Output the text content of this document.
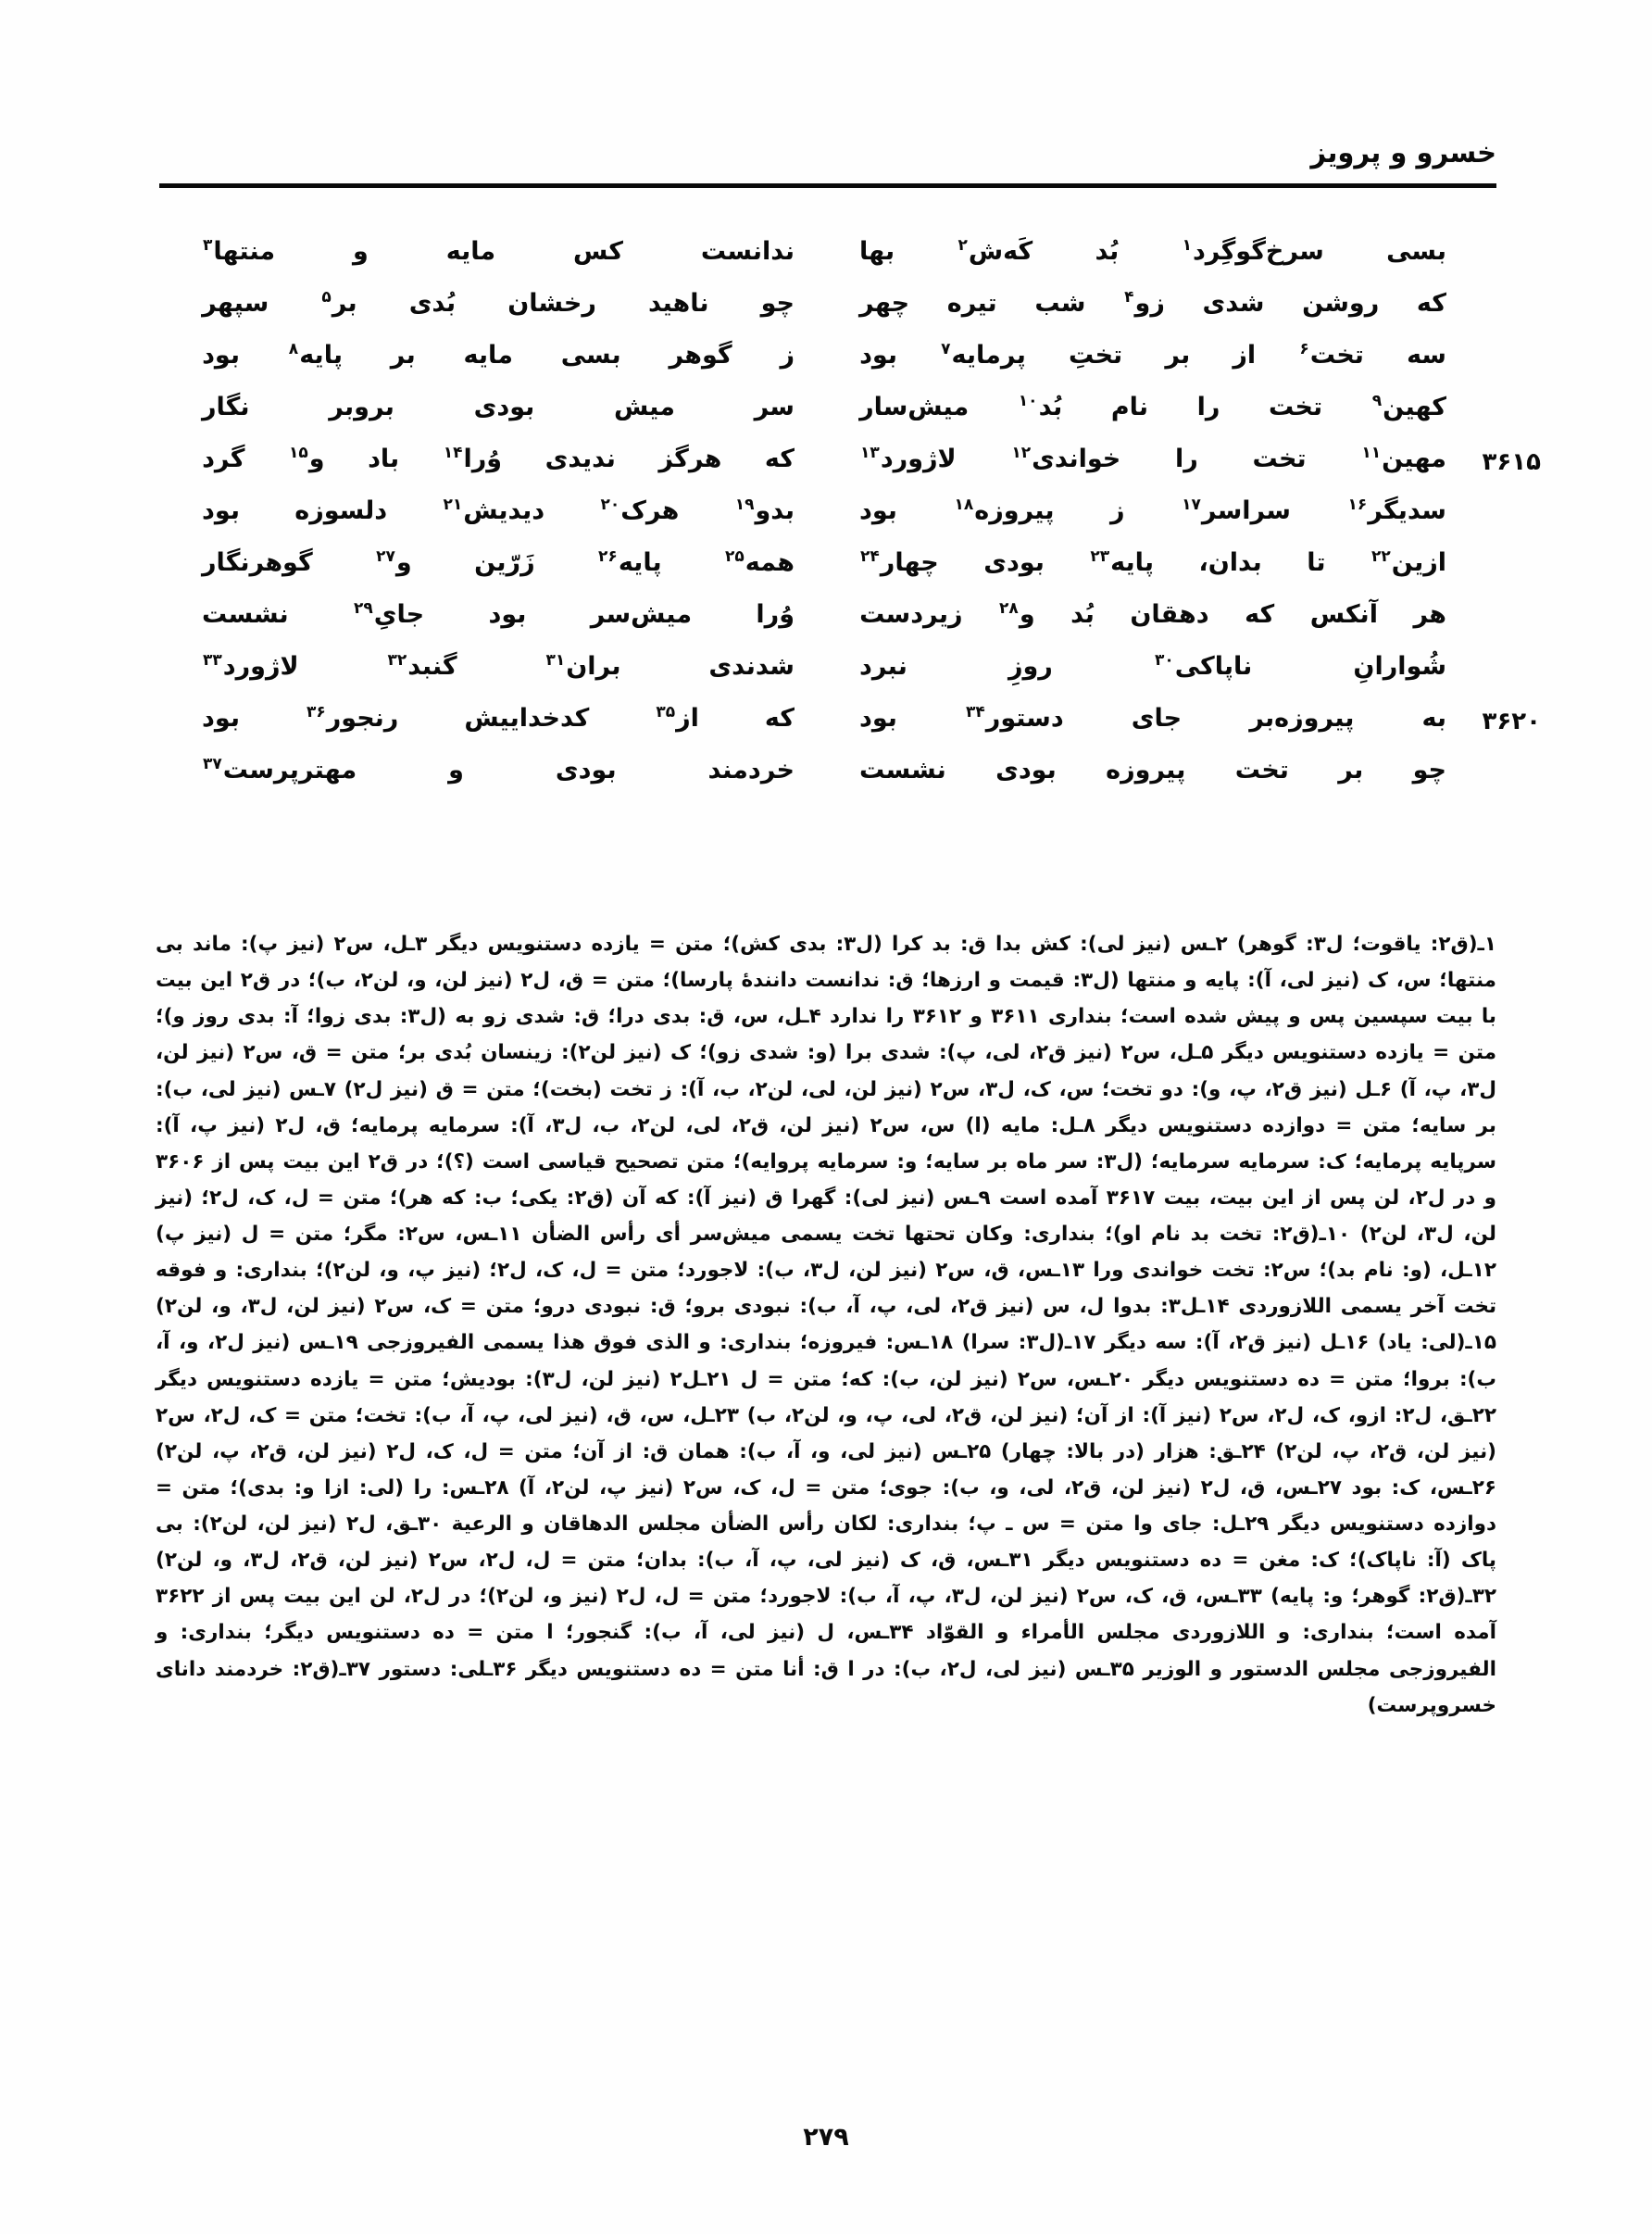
خسرو و پرویز
بسی
سرخ‌گوگِرد$^۱$
بُد
کَه‌ش$^۲$
بها
ندانست
کس
مایه
و
منتها$^۳$
که
روشن
شدی
زو$^۴$
شب
تیره
چهر
چو
ناهید
رخشان
بُدی
بر$^۵$
سپهر
سه
تخت$^۶$
از
بر
تختِ
پرمایه$^۷$
بود
ز
گوهر
بسی
مایه
بر
پایه$^۸$
بود
کهین$^۹$
تخت
را
نام
بُد$^{۱۰}$
میش‌سار
سر
میش
بودی
بروبر
نگار
۳۶۱۵
مهین$^{۱۱}$
تخت
را
خواندی$^{۱۲}$
لاژورد$^{۱۳}$
که
هرگز
ندیدی
وُرا$^{۱۴}$
باد
و$^{۱۵}$
گرد
سدیگر$^{۱۶}$
سراسر$^{۱۷}$
ز
پیروزه$^{۱۸}$
بود
بدو$^{۱۹}$
هرک$^{۲۰}$
دیدیش$^{۲۱}$
دلسوزه
بود
ازین$^{۲۲}$
تا
بدان،
پایه$^{۲۳}$
بودی
چهار$^{۲۴}$
همه$^{۲۵}$
پایه$^{۲۶}$
زَرّین
و$^{۲۷}$
گوهرنگار
هر
آنکس
که
دهقان
بُد
و$^{۲۸}$
زیردست
وُرا
میش‌سر
بود
جایِ$^{۲۹}$
نشست
شُوارانِ
ناپاکی$^{۳۰}$
روزِ
نبرد
شدندی
بران$^{۳۱}$
گنبد$^{۳۲}$
لاژورد$^{۳۳}$
۳۶۲۰
به
پیروزه‌بر
جای
دستور$^{۳۴}$
بود
که
از$^{۳۵}$
کدخداییش
رنجور$^{۳۶}$
بود
چو
بر
تخت
پیروزه
بودی
نشست
خردمند
بودی
و
مهترپرست$^{۳۷}$
۱ـ(ق۲: یاقوت؛ ل۳: گوهر) ۲ـس (نیز لی): کش بدا ق: بد کرا (ل۳: بدی کش)؛ متن = یازده دستنویس دیگر ۳ـل، س۲ (نیز پ): ماند بی منتها؛ س، ک (نیز لی، آ): پایه و منتها (ل۳: قیمت و ارزها؛ ق: ندانست دانندهٔ پارسا)؛ متن = ق، ل۲ (نیز لن، و، لن۲، ب)؛ در ق۲ این بیت با بیت سپسین پس و پیش شده است؛ بنداری ۳۶۱۱ و ۳۶۱۲ را ندارد ۴ـل، س، ق: بدی درا؛ ق: شدی زو به (ل۳: بدی زوا؛ آ: بدی روز و)؛ متن = یازده دستنویس دیگر ۵ـل، س۲ (نیز ق۲، لی، پ): شدی برا (و: شدی زو)؛ ک (نیز لن۲): زینسان بُدی بر؛ متن = ق، س۲ (نیز لن، ل۳، پ، آ) ۶ـل (نیز ق۲، پ، و): دو تخت؛ س، ک، ل۳، س۲ (نیز لن، لی، لن۲، ب، آ): ز تخت (بخت)؛ متن = ق (نیز ل۲) ۷ـس (نیز لی، ب): بر سایه؛ متن = دوازده دستنویس دیگر ۸ـل: مایه (ا) س، س۲ (نیز لن، ق۲، لی، لن۲، ب، ل۳، آ): سرمایه پرمایه؛ ق، ل۲ (نیز پ، آ): سرپایه پرمایه؛ ک: سرمایه سرمایه؛ (ل۳: سر ماه بر سایه؛ و: سرمایه پروایه)؛ متن تصحیح قیاسی است (؟)؛ در ق۲ این بیت پس از ۳۶۰۶ و در ل۲، لن پس از این بیت، بیت ۳۶۱۷ آمده است ۹ـس (نیز لی): گهرا ق (نیز آ): که آن (ق۲: یکی؛ ب: که هر)؛ متن = ل، ک، ل۲؛ (نیز لن، ل۳، لن۲) ۱۰ـ(ق۲: تخت بد نام او)؛ بنداری: وکان تحتها تخت یسمی میش‌سر أی رأس الضأن ۱۱ـس، س۲: مگر؛ متن = ل (نیز پ) ۱۲ـل، (و: نام بد)؛ س۲: تخت خواندی ورا ۱۳ـس، ق، س۲ (نیز لن، ل۳، ب): لاجورد؛ متن = ل، ک، ل۲؛ (نیز پ، و، لن۲)؛ بنداری: و فوقه تخت آخر یسمی اللازوردی ۱۴ـل۳: بدوا ل، س (نیز ق۲، لی، پ، آ، ب): نبودی برو؛ ق: نبودی درو؛ متن = ک، س۲ (نیز لن، ل۳، و، لن۲) ۱۵ـ(لی: یاد) ۱۶ـل (نیز ق۲، آ): سه دیگر ۱۷ـ(ل۳: سرا) ۱۸ـس: فیروزه؛ بنداری: و الذی فوق هذا یسمی الفیروزجی ۱۹ـس (نیز ل۲، و، آ، ب): بروا؛ متن = ده دستنویس دیگر ۲۰ـس، س۲ (نیز لن، ب): که؛ متن = ل ۲۱ـل۲ (نیز لن، ل۳): بودیش؛ متن = یازده دستنویس دیگر ۲۲ـق، ل۲: ازو، ک، ل۲، س۲ (نیز آ): از آن؛ (نیز لن، ق۲، لی، پ، و، لن۲، ب) ۲۳ـل، س، ق، (نیز لی، پ، آ، ب): تخت؛ متن = ک، ل۲، س۲ (نیز لن، ق۲، پ، لن۲) ۲۴ـق: هزار (در بالا: چهار) ۲۵ـس (نیز لی، و، آ، ب): همان ق: از آن؛ متن = ل، ک، ل۲ (نیز لن، ق۲، پ، لن۲) ۲۶ـس، ک: بود ۲۷ـس، ق، ل۲ (نیز لن، ق۲، لی، و، ب): جوی؛ متن = ل، ک، س۲ (نیز پ، لن۲، آ) ۲۸ـس: را (لی: ازا و: بدی)؛ متن = دوازده دستنویس دیگر ۲۹ـل: جای وا متن = س ـ پ؛ بنداری: لکان رأس الضأن مجلس الدهاقان و الرعیة ۳۰ـق، ل۲ (نیز لن، لن۲): بی پاک (آ: ناپاک)؛ ک: مغن = ده دستنویس دیگر ۳۱ـس، ق، ک (نیز لی، پ، آ، ب): بدان؛ متن = ل، ل۲، س۲ (نیز لن، ق۲، ل۳، و، لن۲) ۳۲ـ(ق۲: گوهر؛ و: پایه) ۳۳ـس، ق، ک، س۲ (نیز لن، ل۳، پ، آ، ب): لاجورد؛ متن = ل، ل۲ (نیز و، لن۲)؛ در ل۲، لن این بیت پس از ۳۶۲۲ آمده است؛ بنداری: و اللازوردی مجلس الأمراء و القوّاد ۳۴ـس، ل (نیز لی، آ، ب): گنجور؛ ا متن = ده دستنویس دیگر؛ بنداری: و الفیروزجی مجلس الدستور و الوزیر ۳۵ـس (نیز لی، ل۲، ب): در ا ق: أنا متن = ده دستنویس دیگر ۳۶ـلی: دستور ۳۷ـ(ق۲: خردمند دانای خسروپرست)
۲۷۹
